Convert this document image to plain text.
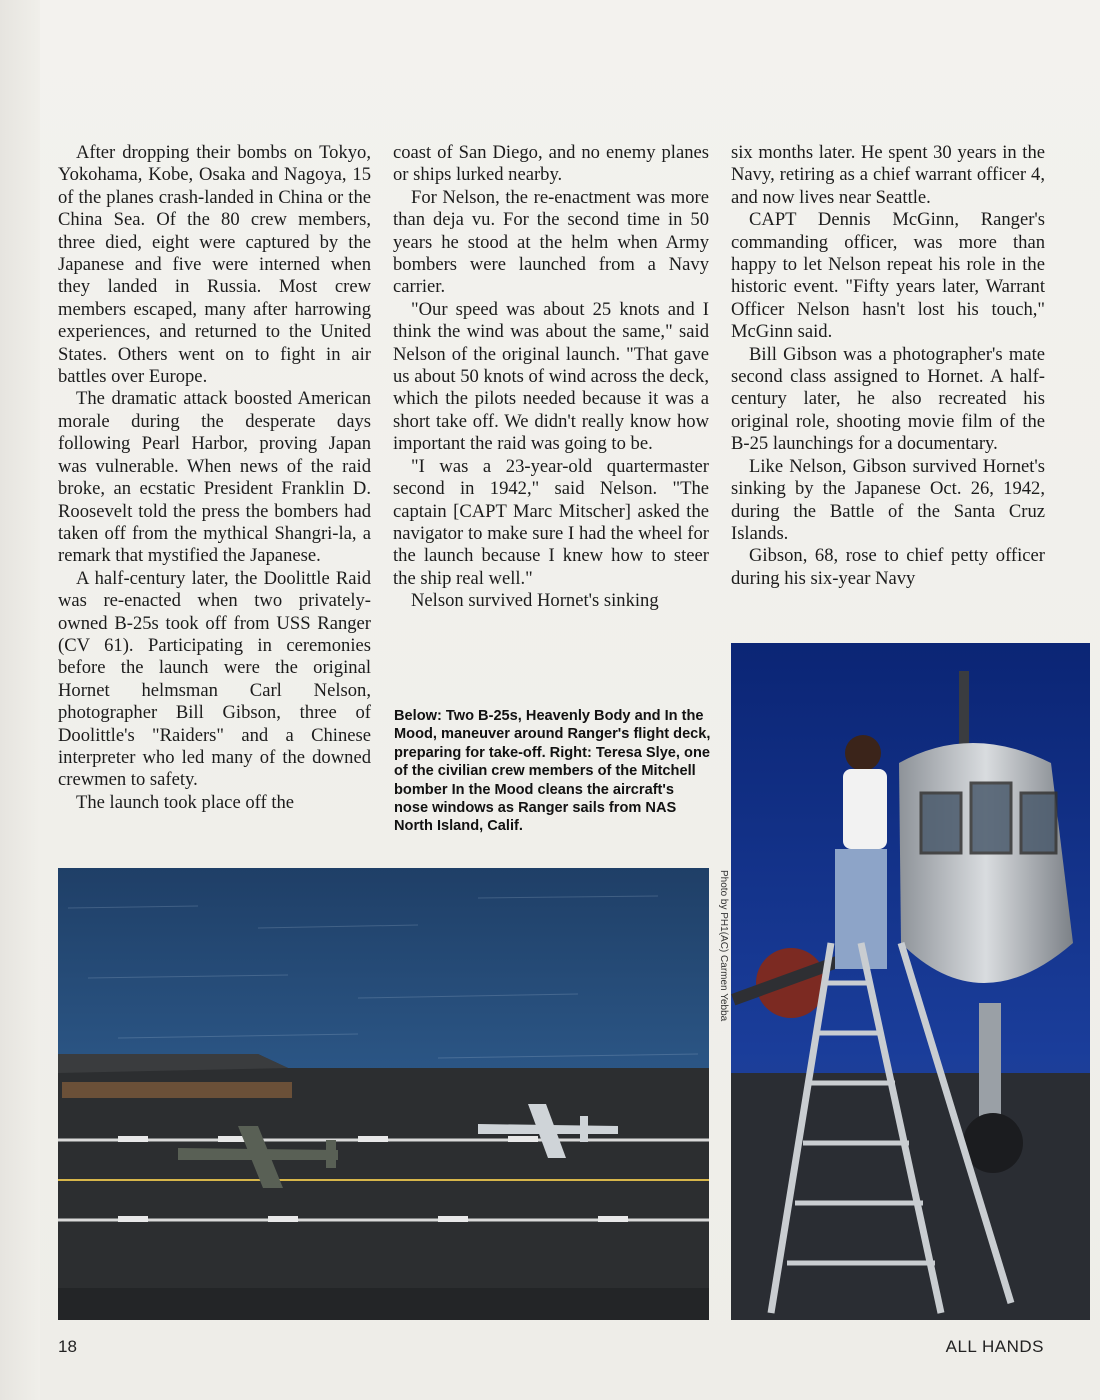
After dropping their bombs on Tokyo, Yokohama, Kobe, Osaka and Nagoya, 15 of the planes crash-landed in China or the China Sea. Of the 80 crew members, three died, eight were captured by the Japanese and five were interned when they landed in Russia. Most crew members escaped, many after harrowing experiences, and returned to the United States. Others went on to fight in air battles over Europe.

The dramatic attack boosted American morale during the desperate days following Pearl Harbor, proving Japan was vulnerable. When news of the raid broke, an ecstatic President Franklin D. Roosevelt told the press the bombers had taken off from the mythical Shangri-la, a remark that mystified the Japanese.

A half-century later, the Doolittle Raid was re-enacted when two privately-owned B-25s took off from USS Ranger (CV 61). Participating in ceremonies before the launch were the original Hornet helmsman Carl Nelson, photographer Bill Gibson, three of Doolittle's "Raiders" and a Chinese interpreter who led many of the downed crewmen to safety.

The launch took place off the

coast of San Diego, and no enemy planes or ships lurked nearby.

For Nelson, the re-enactment was more than deja vu. For the second time in 50 years he stood at the helm when Army bombers were launched from a Navy carrier.

"Our speed was about 25 knots and I think the wind was about the same," said Nelson of the original launch. "That gave us about 50 knots of wind across the deck, which the pilots needed because it was a short take off. We didn't really know how important the raid was going to be.

"I was a 23-year-old quartermaster second in 1942," said Nelson. "The captain [CAPT Marc Mitscher] asked the navigator to make sure I had the wheel for the launch because I knew how to steer the ship real well."

Nelson survived Hornet's sinking

six months later. He spent 30 years in the Navy, retiring as a chief warrant officer 4, and now lives near Seattle.

CAPT Dennis McGinn, Ranger's commanding officer, was more than happy to let Nelson repeat his role in the historic event. "Fifty years later, Warrant Officer Nelson hasn't lost his touch," McGinn said.

Bill Gibson was a photographer's mate second class assigned to Hornet. A half-century later, he also recreated his original role, shooting movie film of the B-25 launchings for a documentary.

Like Nelson, Gibson survived Hornet's sinking by the Japanese Oct. 26, 1942, during the Battle of the Santa Cruz Islands.

Gibson, 68, rose to chief petty officer during his six-year Navy

Below: Two B-25s, Heavenly Body and In the Mood, maneuver around Ranger's flight deck, preparing for take-off. Right: Teresa Slye, one of the civilian crew members of the Mitchell bomber In the Mood cleans the aircraft's nose windows as Ranger sails from NAS North Island, Calif.
Photo by PH1(AC) Carmen Yebba
18	ALL HANDS
